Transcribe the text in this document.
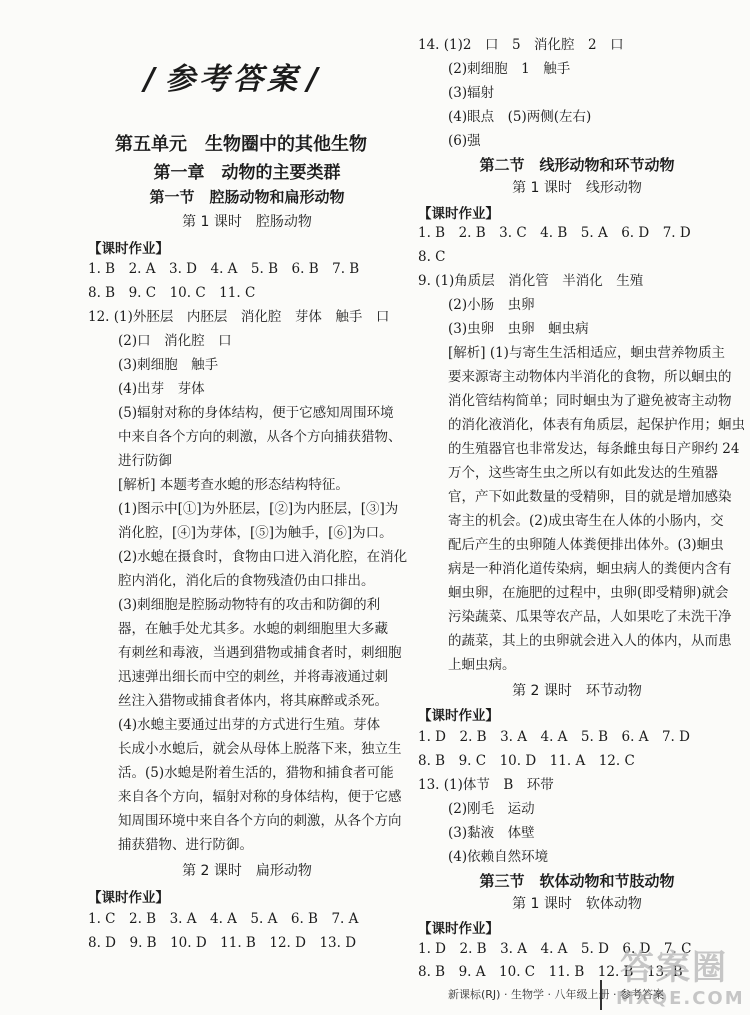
/ 参考答案 /
第五单元　生物圈中的其他生物
第一章　动物的主要类群
第一节　腔肠动物和扁形动物
第 1 课时　腔肠动物
【课时作业】
1. B　2. A　3. D　4. A　5. B　6. B　7. B
8. B　9. C　10. C　11. C
12. (1)外胚层　内胚层　消化腔　芽体　触手　口
(2)口　消化腔　口
(3)刺细胞　触手
(4)出芽　芽体
(5)辐射对称的身体结构，便于它感知周围环境
中来自各个方向的刺激，从各个方向捕获猎物、
进行防御
[解析] 本题考查水螅的形态结构特征。
(1)图示中[①]为外胚层，[②]为内胚层，[③]为
消化腔，[④]为芽体，[⑤]为触手，[⑥]为口。
(2)水螅在摄食时，食物由口进入消化腔，在消化
腔内消化，消化后的食物残渣仍由口排出。
(3)刺细胞是腔肠动物特有的攻击和防御的利
器，在触手处尤其多。水螅的刺细胞里大多藏
有刺丝和毒液，当遇到猎物或捕食者时，刺细胞
迅速弹出细长而中空的刺丝，并将毒液通过刺
丝注入猎物或捕食者体内，将其麻醉或杀死。
(4)水螅主要通过出芽的方式进行生殖。芽体
长成小水螅后，就会从母体上脱落下来，独立生
活。(5)水螅是附着生活的，猎物和捕食者可能
来自各个方向，辐射对称的身体结构，便于它感
知周围环境中来自各个方向的刺激，从各个方向
捕获猎物、进行防御。
第 2 课时　扁形动物
【课时作业】
1. C　2. B　3. A　4. A　5. A　6. B　7. A
8. D　9. B　10. D　11. B　12. D　13. D
14. (1)2　口　5　消化腔　2　口
(2)刺细胞　1　触手
(3)辐射
(4)眼点　(5)两侧(左右)
(6)强
第二节　线形动物和环节动物
第 1 课时　线形动物
【课时作业】
1. B　2. B　3. C　4. B　5. A　6. D　7. D
8. C
9. (1)角质层　消化管　半消化　生殖
(2)小肠　虫卵
(3)虫卵　虫卵　蛔虫病
[解析] (1)与寄生生活相适应，蛔虫营养物质主
要来源寄主动物体内半消化的食物，所以蛔虫的
消化管结构简单；同时蛔虫为了避免被寄主动物
的消化液消化，体表有角质层，起保护作用；蛔虫
的生殖器官也非常发达，每条雌虫每日产卵约 24
万个，这些寄生虫之所以有如此发达的生殖器
官，产下如此数量的受精卵，目的就是增加感染
寄主的机会。(2)成虫寄生在人体的小肠内，交
配后产生的虫卵随人体粪便排出体外。(3)蛔虫
病是一种消化道传染病，蛔虫病人的粪便内含有
蛔虫卵，在施肥的过程中，虫卵(即受精卵)就会
污染蔬菜、瓜果等农产品，人如果吃了未洗干净
的蔬菜，其上的虫卵就会进入人的体内，从而患
上蛔虫病。
第 2 课时　环节动物
【课时作业】
1. D　2. B　3. A　4. A　5. B　6. A　7. D
8. B　9. C　10. D　11. A　12. C
13. (1)体节　B　环带
(2)刚毛　运动
(3)黏液　体壁
(4)依赖自然环境
第三节　软体动物和节肢动物
第 1 课时　软体动物
【课时作业】
1. D　2. B　3. A　4. A　5. D　6. D　7. C
8. B　9. A　10. C　11. B　12. B　13. B
答案圈
MXQE.COM
新课标(RJ) · 生物学 · 八年级上册 · 参考答案
